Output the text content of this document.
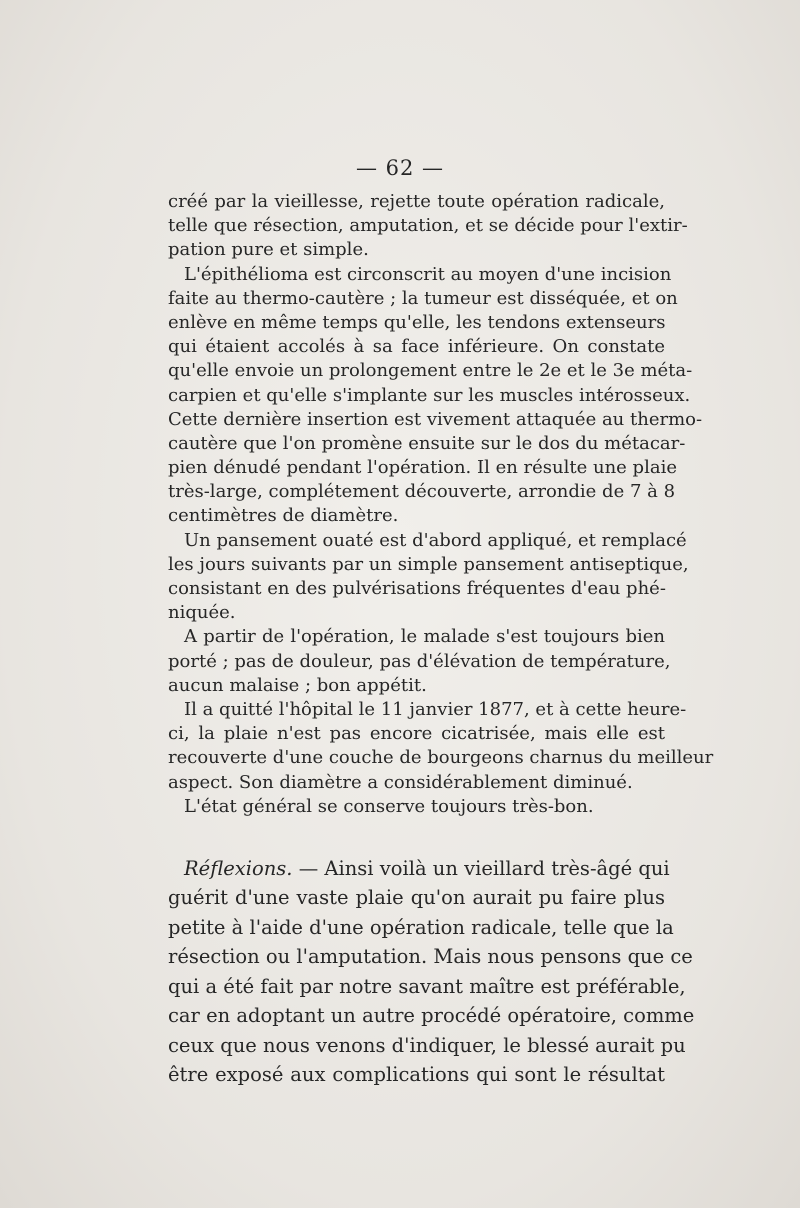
— 62 —
créé par la vieillesse, rejette toute opération radicale,
telle que résection, amputation, et se décide pour l'extir-
pation pure et simple.
L'épithélioma est circonscrit au moyen d'une incision
faite au thermo-cautère ; la tumeur est disséquée, et on
enlève en même temps qu'elle, les tendons extenseurs
qui étaient accolés à sa face inférieure. On constate
qu'elle envoie un prolongement entre le 2e et le 3e méta-
carpien et qu'elle s'implante sur les muscles intérosseux.
Cette dernière insertion est vivement attaquée au thermo-
cautère que l'on promène ensuite sur le dos du métacar-
pien dénudé pendant l'opération. Il en résulte une plaie
très-large, complétement découverte, arrondie de 7 à 8
centimètres de diamètre.
Un pansement ouaté est d'abord appliqué, et remplacé
les jours suivants par un simple pansement antiseptique,
consistant en des pulvérisations fréquentes d'eau phé-
niquée.
A partir de l'opération, le malade s'est toujours bien
porté ; pas de douleur, pas d'élévation de température,
aucun malaise ; bon appétit.
Il a quitté l'hôpital le 11 janvier 1877, et à cette heure-
ci, la plaie n'est pas encore cicatrisée, mais elle est
recouverte d'une couche de bourgeons charnus du meilleur
aspect. Son diamètre a considérablement diminué.
L'état général se conserve toujours très-bon.
Réflexions. — Ainsi voilà un vieillard très-âgé qui
guérit d'une vaste plaie qu'on aurait pu faire plus
petite à l'aide d'une opération radicale, telle que la
résection ou l'amputation. Mais nous pensons que ce
qui a été fait par notre savant maître est préférable,
car en adoptant un autre procédé opératoire, comme
ceux que nous venons d'indiquer, le blessé aurait pu
être exposé aux complications qui sont le résultat
